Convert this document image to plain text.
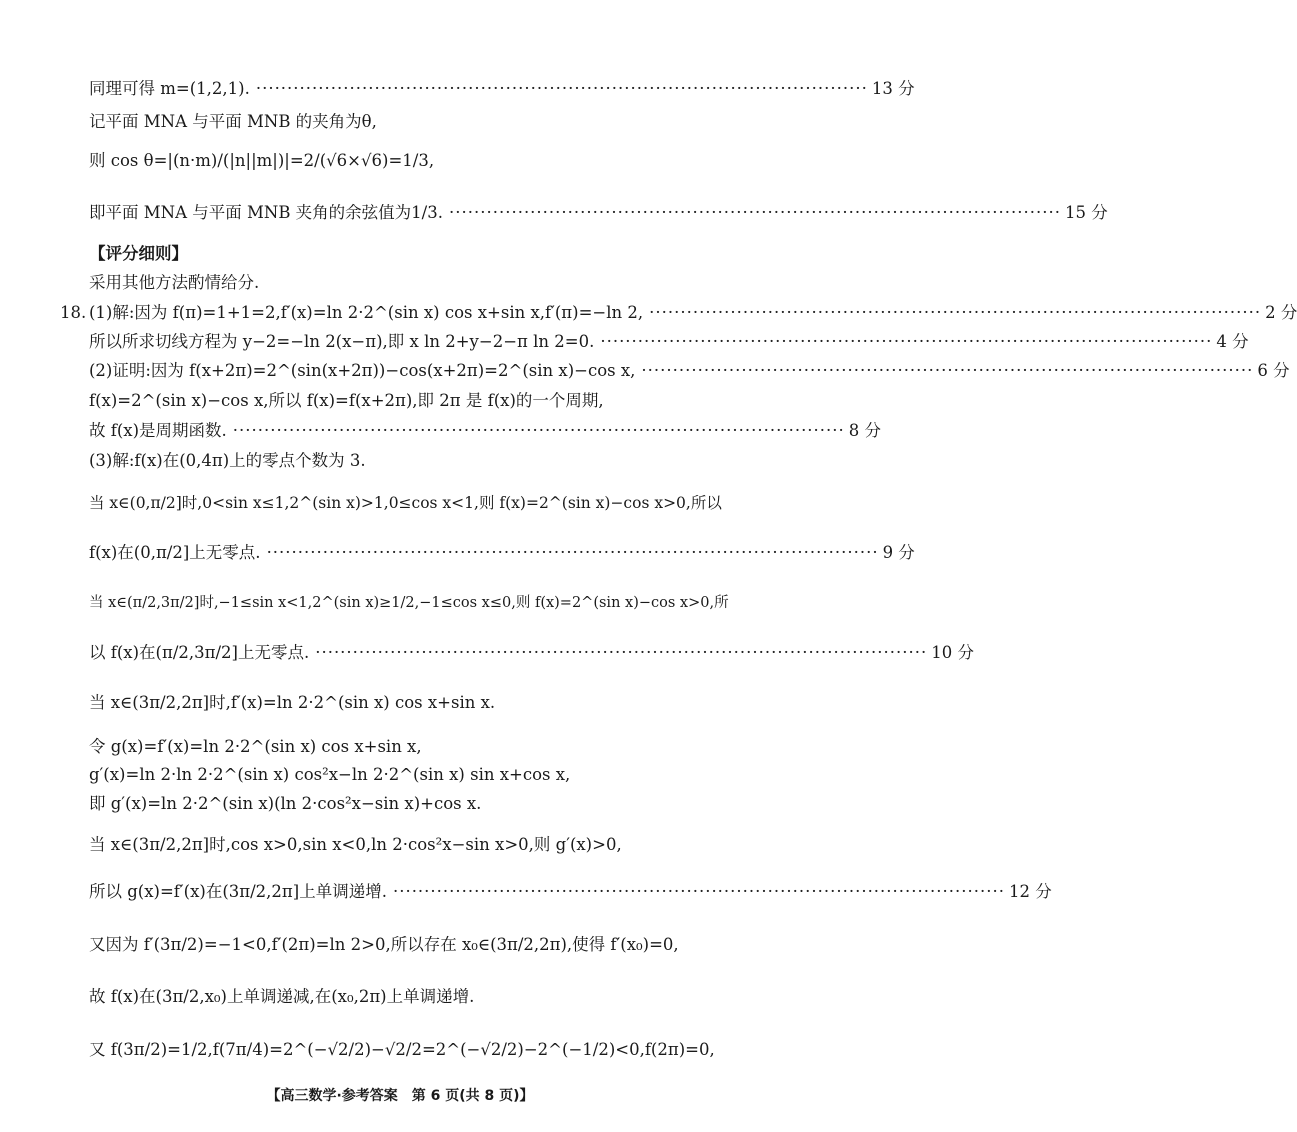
同理可得 m=(1,2,1). ·································································································· 13 分
记平面 MNA 与平面 MNB 的夹角为θ,
则 cos θ=|(n·m)/(|n||m|)|=2/(√6×√6)=1/3,
即平面 MNA 与平面 MNB 夹角的余弦值为1/3. ·································································································· 15 分
【评分细则】
采用其他方法酌情给分.
18. (1)解:因为 f(π)=1+1=2,f′(x)=ln 2·2^(sin x) cos x+sin x,f′(π)=−ln 2, ·································································································· 2 分
所以所求切线方程为 y−2=−ln 2(x−π),即 x ln 2+y−2−π ln 2=0. ·································································································· 4 分
(2)证明:因为 f(x+2π)=2^(sin(x+2π))−cos(x+2π)=2^(sin x)−cos x, ·································································································· 6 分
f(x)=2^(sin x)−cos x,所以 f(x)=f(x+2π),即 2π 是 f(x)的一个周期,
故 f(x)是周期函数. ·································································································· 8 分
(3)解:f(x)在(0,4π)上的零点个数为 3.
当 x∈(0,π/2]时,0<sin x≤1,2^(sin x)>1,0≤cos x<1,则 f(x)=2^(sin x)−cos x>0,所以
f(x)在(0,π/2]上无零点. ·································································································· 9 分
当 x∈(π/2,3π/2]时,−1≤sin x<1,2^(sin x)≥1/2,−1≤cos x≤0,则 f(x)=2^(sin x)−cos x>0,所
以 f(x)在(π/2,3π/2]上无零点. ·································································································· 10 分
当 x∈(3π/2,2π]时,f′(x)=ln 2·2^(sin x) cos x+sin x.
令 g(x)=f′(x)=ln 2·2^(sin x) cos x+sin x,
g′(x)=ln 2·ln 2·2^(sin x) cos²x−ln 2·2^(sin x) sin x+cos x,
即 g′(x)=ln 2·2^(sin x)(ln 2·cos²x−sin x)+cos x.
当 x∈(3π/2,2π]时,cos x>0,sin x<0,ln 2·cos²x−sin x>0,则 g′(x)>0,
所以 g(x)=f′(x)在(3π/2,2π]上单调递增. ·································································································· 12 分
又因为 f′(3π/2)=−1<0,f′(2π)=ln 2>0,所以存在 x₀∈(3π/2,2π),使得 f′(x₀)=0,
故 f(x)在(3π/2,x₀)上单调递减,在(x₀,2π)上单调递增.
又 f(3π/2)=1/2,f(7π/4)=2^(−√2/2)−√2/2=2^(−√2/2)−2^(−1/2)<0,f(2π)=0,
【高三数学·参考答案　第 6 页(共 8 页)】
